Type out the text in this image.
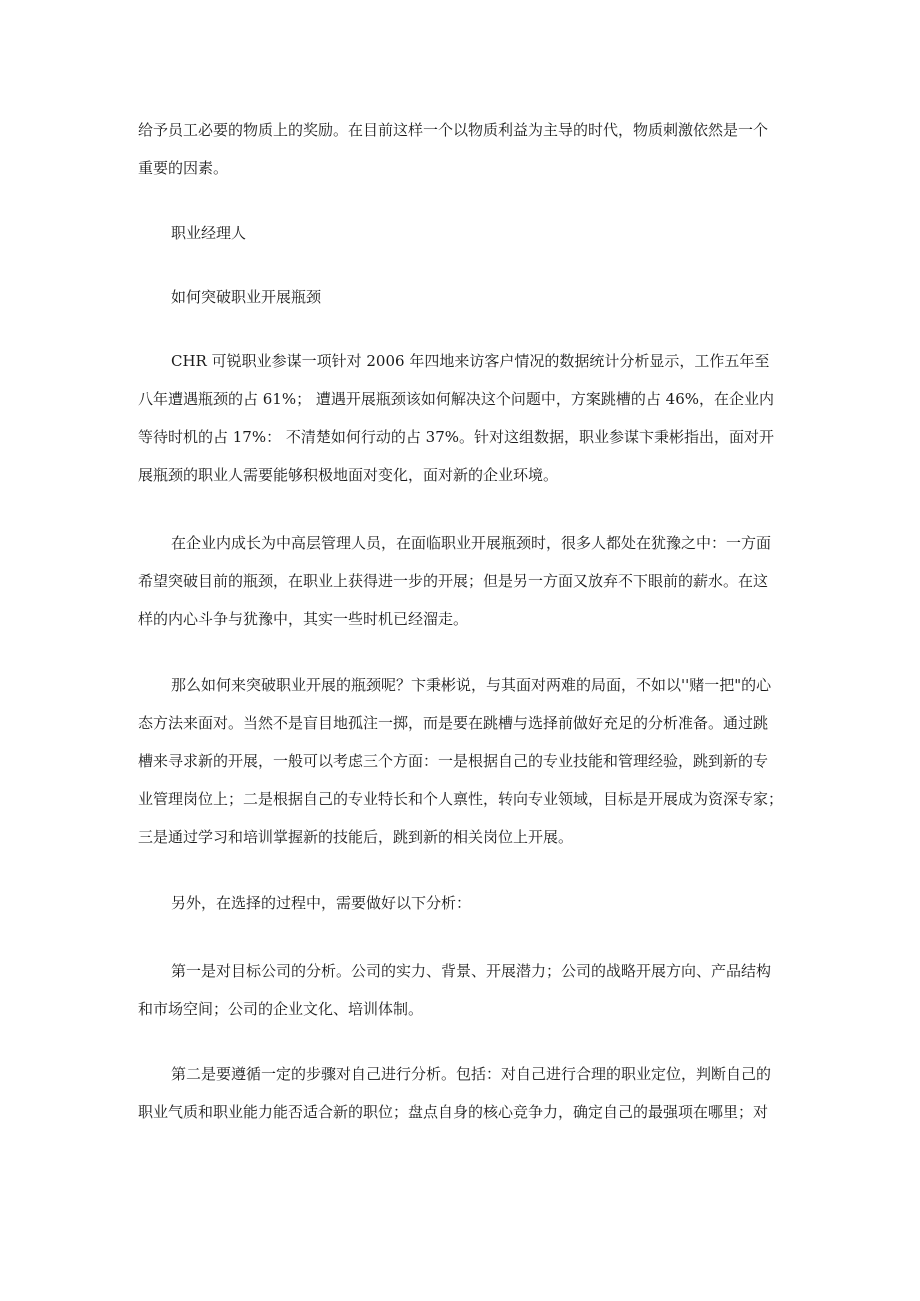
给予员工必要的物质上的奖励。在目前这样一个以物质利益为主导的时代，物质刺激依然是一个
重要的因素。
职业经理人
如何突破职业开展瓶颈
CHR 可锐职业参谋一项针对 2006 年四地来访客户情况的数据统计分析显示，工作五年至
八年遭遇瓶颈的占 61%； 遭遇开展瓶颈该如何解决这个问题中，方案跳槽的占 46%，在企业内
等待时机的占 17%： 不清楚如何行动的占 37%。针对这组数据，职业参谋卞秉彬指出，面对开
展瓶颈的职业人需要能够积极地面对变化，面对新的企业环境。
在企业内成长为中高层管理人员，在面临职业开展瓶颈时，很多人都处在犹豫之中：一方面
希望突破目前的瓶颈，在职业上获得进一步的开展；但是另一方面又放弃不下眼前的薪水。在这
样的内心斗争与犹豫中，其实一些时机已经溜走。
那么如何来突破职业开展的瓶颈呢？卞秉彬说，与其面对两难的局面，不如以''赌一把"的心
态方法来面对。当然不是盲目地孤注一掷，而是要在跳槽与选择前做好充足的分析准备。通过跳
槽来寻求新的开展，一般可以考虑三个方面：一是根据自己的专业技能和管理经验，跳到新的专
业管理岗位上；二是根据自己的专业特长和个人禀性，转向专业领域，目标是开展成为资深专家；
三是通过学习和培训掌握新的技能后，跳到新的相关岗位上开展。
另外，在选择的过程中，需要做好以下分析：
第一是对目标公司的分析。公司的实力、背景、开展潜力；公司的战略开展方向、产品结构
和市场空间；公司的企业文化、培训体制。
第二是要遵循一定的步骤对自己进行分析。包括：对自己进行合理的职业定位，判断自己的
职业气质和职业能力能否适合新的职位；盘点自身的核心竞争力，确定自己的最强项在哪里；对
